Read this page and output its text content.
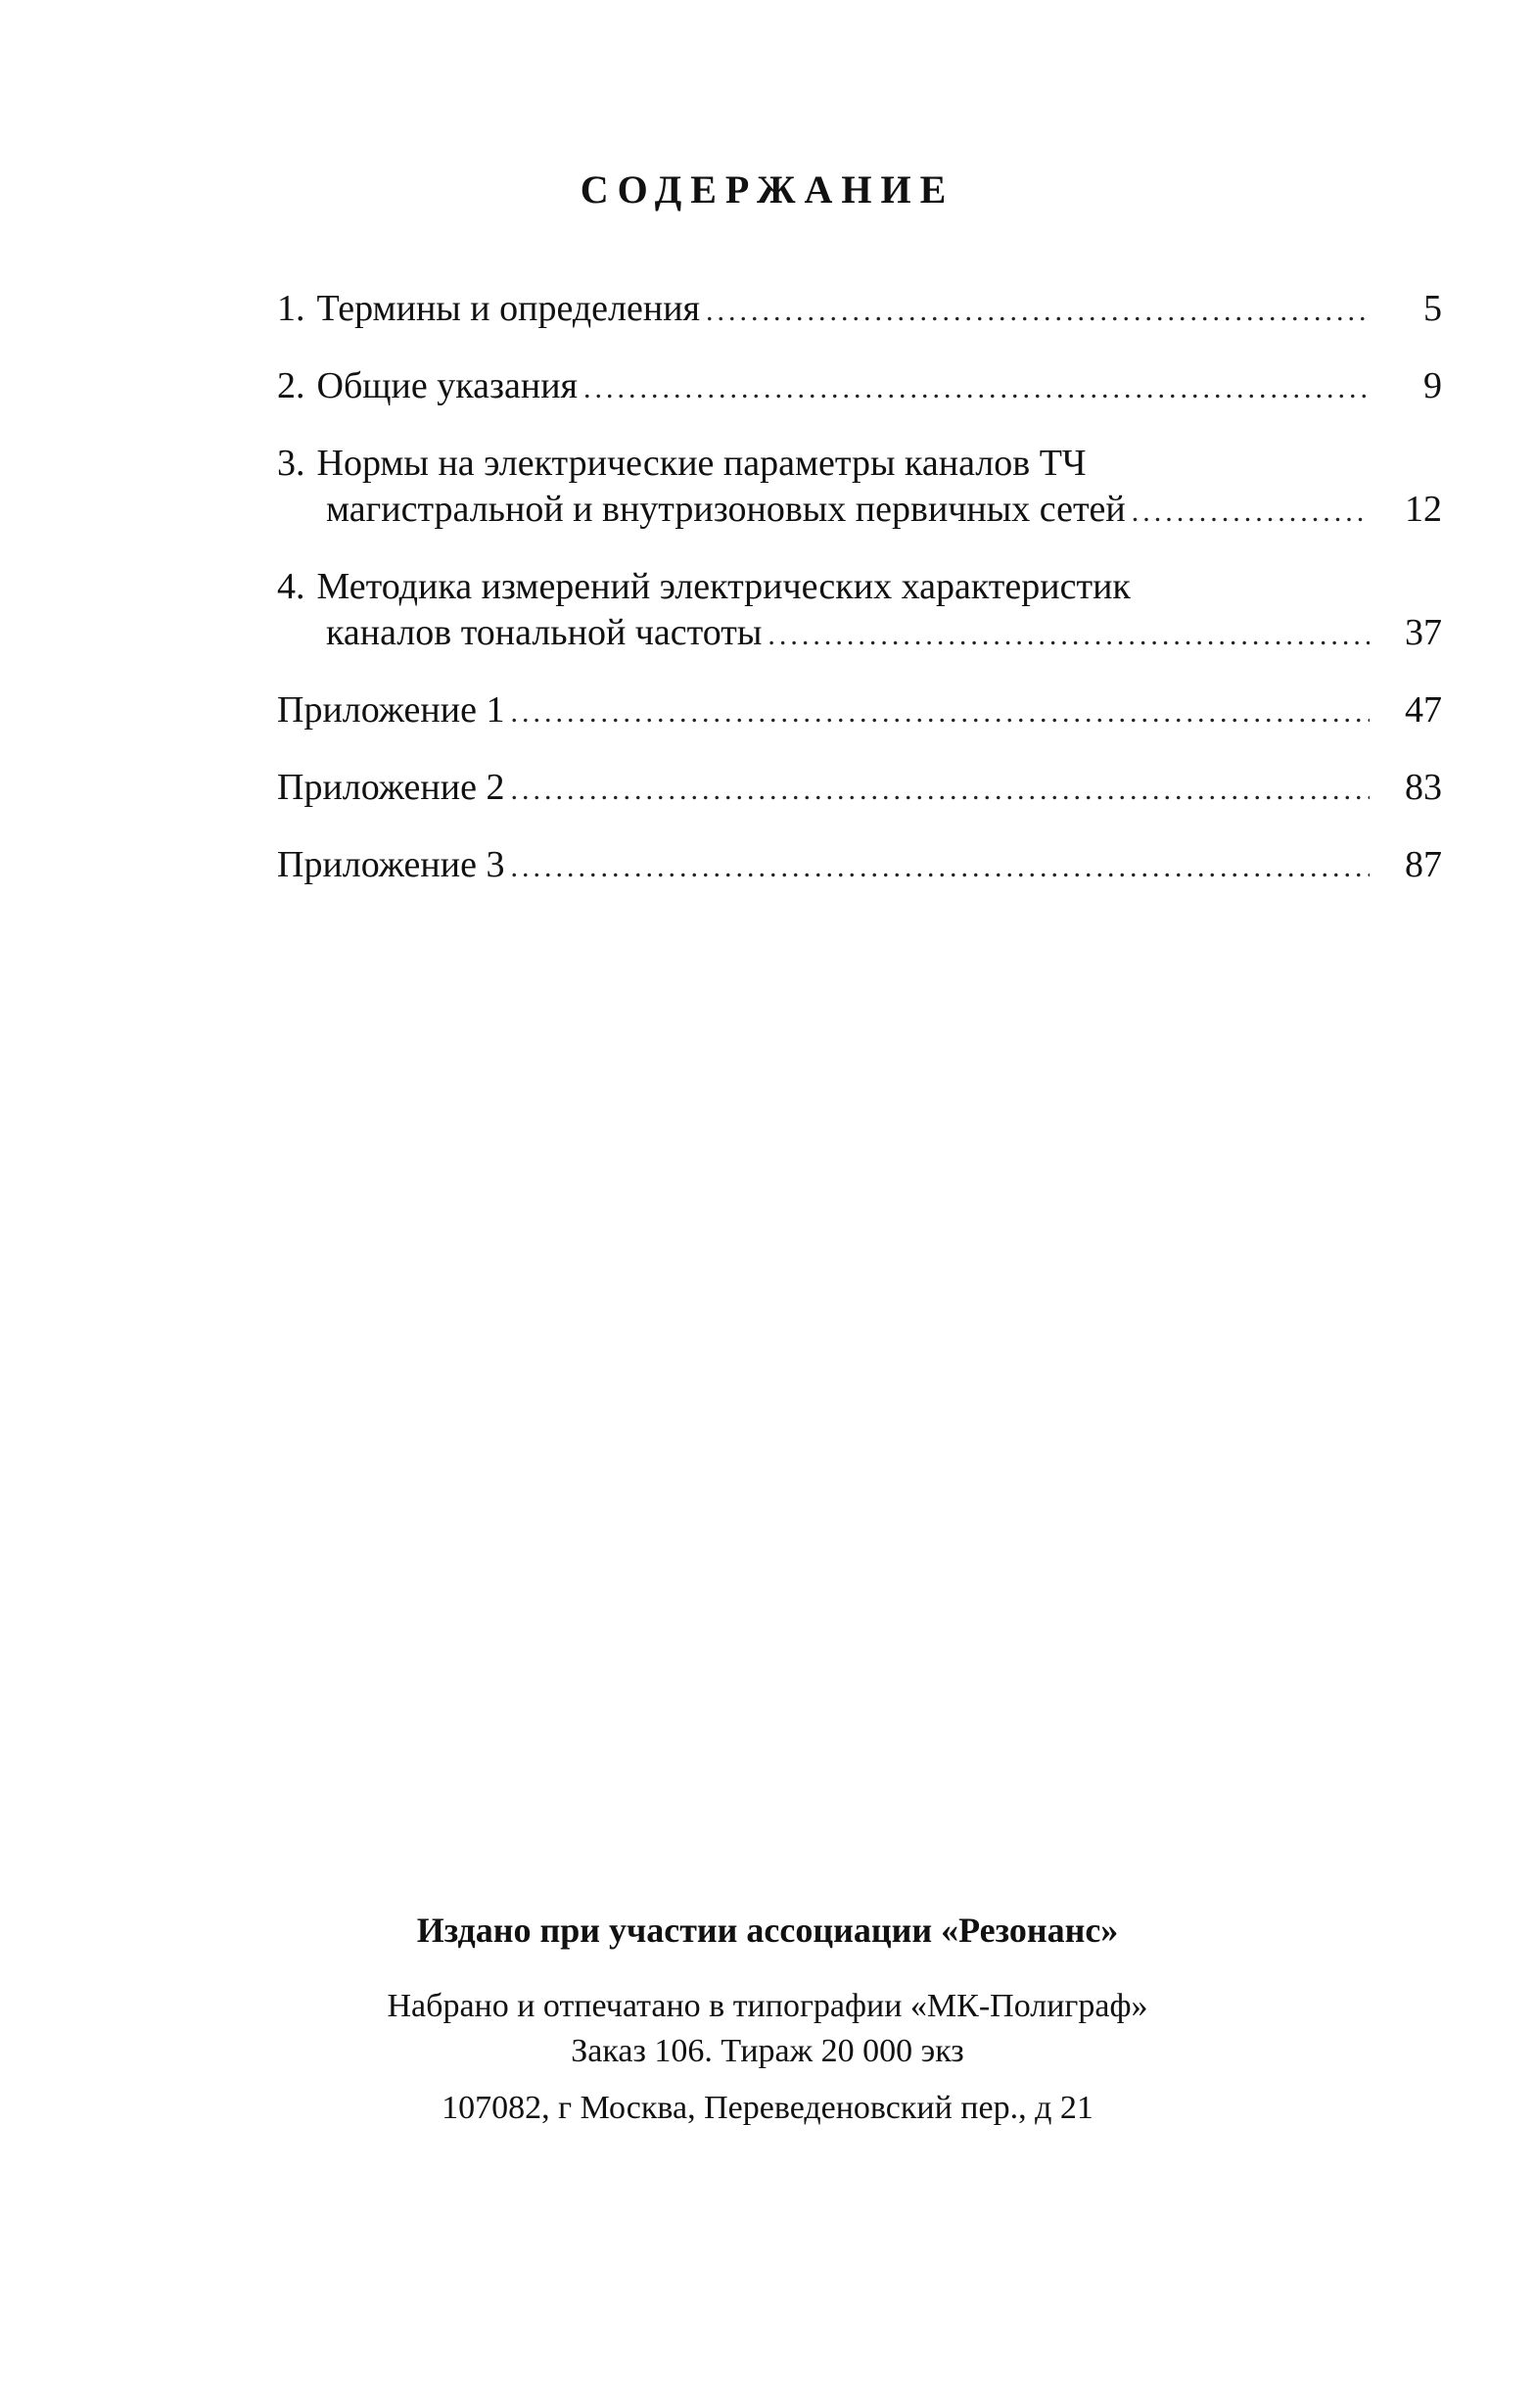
СОДЕРЖАНИЕ
1. Термины и определения .....	5
2. Общие указания .....	9
3. Нормы на электрические параметры каналов ТЧ
магистральной и внутризоновых первичных сетей .....	12
4. Методика измерений электрических характеристик
каналов тональной частоты .....	37
Приложение 1 .....	47
Приложение 2 .....	83
Приложение 3 .....	87

Издано при участии ассоциации «Резонанс»

Набрано и отпечатано в типографии «МК-Полиграф»

Заказ 106. Тираж 20 000 экз

107082, г Москва, Переведеновский пер., д 21
